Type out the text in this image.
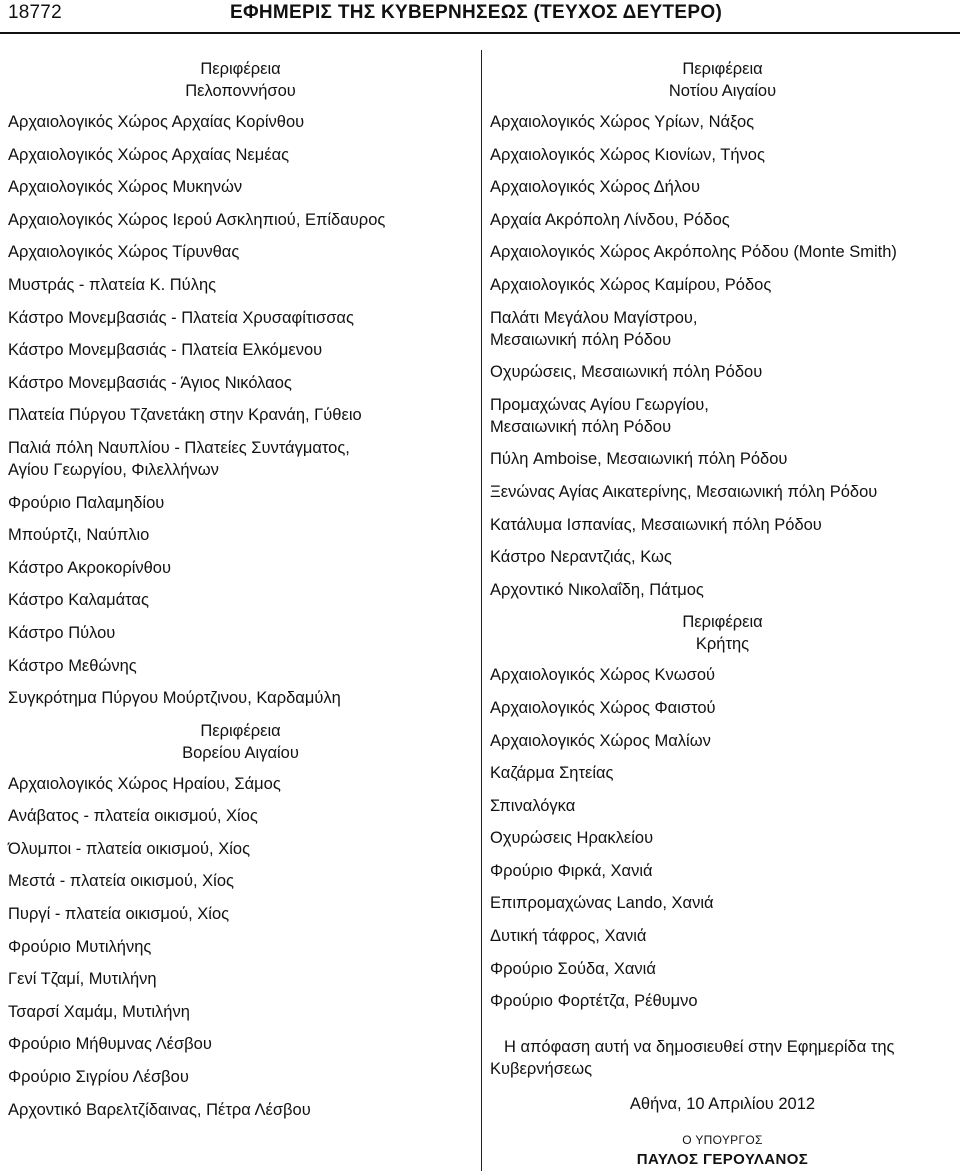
18772	ΕΦΗΜΕΡΙΣ ΤΗΣ ΚΥΒΕΡΝΗΣΕΩΣ (ΤΕΥΧΟΣ ΔΕΥΤΕΡΟ)
Περιφέρεια
Πελοποννήσου
Αρχαιολογικός Χώρος Αρχαίας Κορίνθου
Αρχαιολογικός Χώρος Αρχαίας Νεμέας
Αρχαιολογικός Χώρος Μυκηνών
Αρχαιολογικός Χώρος Ιερού Ασκληπιού, Επίδαυρος
Αρχαιολογικός Χώρος Τίρυνθας
Μυστράς - πλατεία Κ. Πύλης
Κάστρο Μονεμβασιάς - Πλατεία Χρυσαφίτισσας
Κάστρο Μονεμβασιάς - Πλατεία Ελκόμενου
Κάστρο Μονεμβασιάς - Άγιος Νικόλαος
Πλατεία Πύργου Τζανετάκη στην Κρανάη, Γύθειο
Παλιά πόλη Ναυπλίου - Πλατείες Συντάγματος,
Αγίου Γεωργίου, Φιλελλήνων
Φρούριο Παλαμηδίου
Μπούρτζι, Ναύπλιο
Κάστρο Ακροκορίνθου
Κάστρο Καλαμάτας
Κάστρο Πύλου
Κάστρο Μεθώνης
Συγκρότημα Πύργου Μούρτζινου, Καρδαμύλη
Περιφέρεια
Βορείου Αιγαίου
Αρχαιολογικός Χώρος Ηραίου, Σάμος
Ανάβατος - πλατεία οικισμού, Χίος
Όλυμποι - πλατεία οικισμού, Χίος
Μεστά - πλατεία οικισμού, Χίος
Πυργί - πλατεία οικισμού, Χίος
Φρούριο Μυτιλήνης
Γενί Τζαμί, Μυτιλήνη
Τσαρσί Χαμάμ, Μυτιλήνη
Φρούριο Μήθυμνας Λέσβου
Φρούριο Σιγρίου Λέσβου
Αρχοντικό Βαρελτζίδαινας, Πέτρα Λέσβου
Περιφέρεια
Νοτίου Αιγαίου
Αρχαιολογικός Χώρος Υρίων, Νάξος
Αρχαιολογικός Χώρος Κιονίων, Τήνος
Αρχαιολογικός Χώρος Δήλου
Αρχαία Ακρόπολη Λίνδου, Ρόδος
Αρχαιολογικός Χώρος Ακρόπολης Ρόδου (Monte Smith)
Αρχαιολογικός Χώρος Καμίρου, Ρόδος
Παλάτι Μεγάλου Μαγίστρου,
Μεσαιωνική πόλη Ρόδου
Οχυρώσεις, Μεσαιωνική πόλη Ρόδου
Προμαχώνας Αγίου Γεωργίου,
Μεσαιωνική πόλη Ρόδου
Πύλη Amboise, Μεσαιωνική πόλη Ρόδου
Ξενώνας Αγίας Αικατερίνης, Μεσαιωνική πόλη Ρόδου
Κατάλυμα Ισπανίας, Μεσαιωνική πόλη Ρόδου
Κάστρο Νεραντζιάς, Κως
Αρχοντικό Νικολαΐδη, Πάτμος
Περιφέρεια
Κρήτης
Αρχαιολογικός Χώρος Κνωσού
Αρχαιολογικός Χώρος Φαιστού
Αρχαιολογικός Χώρος Μαλίων
Καζάρμα Σητείας
Σπιναλόγκα
Οχυρώσεις Ηρακλείου
Φρούριο Φιρκά, Χανιά
Επιπρομαχώνας Lando, Χανιά
Δυτική τάφρος, Χανιά
Φρούριο Σούδα, Χανιά
Φρούριο Φορτέτζα, Ρέθυμνο
Η απόφαση αυτή να δημοσιευθεί στην Εφημερίδα της Κυβερνήσεως
Αθήνα, 10 Απριλίου 2012
Ο ΥΠΟΥΡΓΟΣ
ΠΑΥΛΟΣ ΓΕΡΟΥΛΑΝΟΣ
